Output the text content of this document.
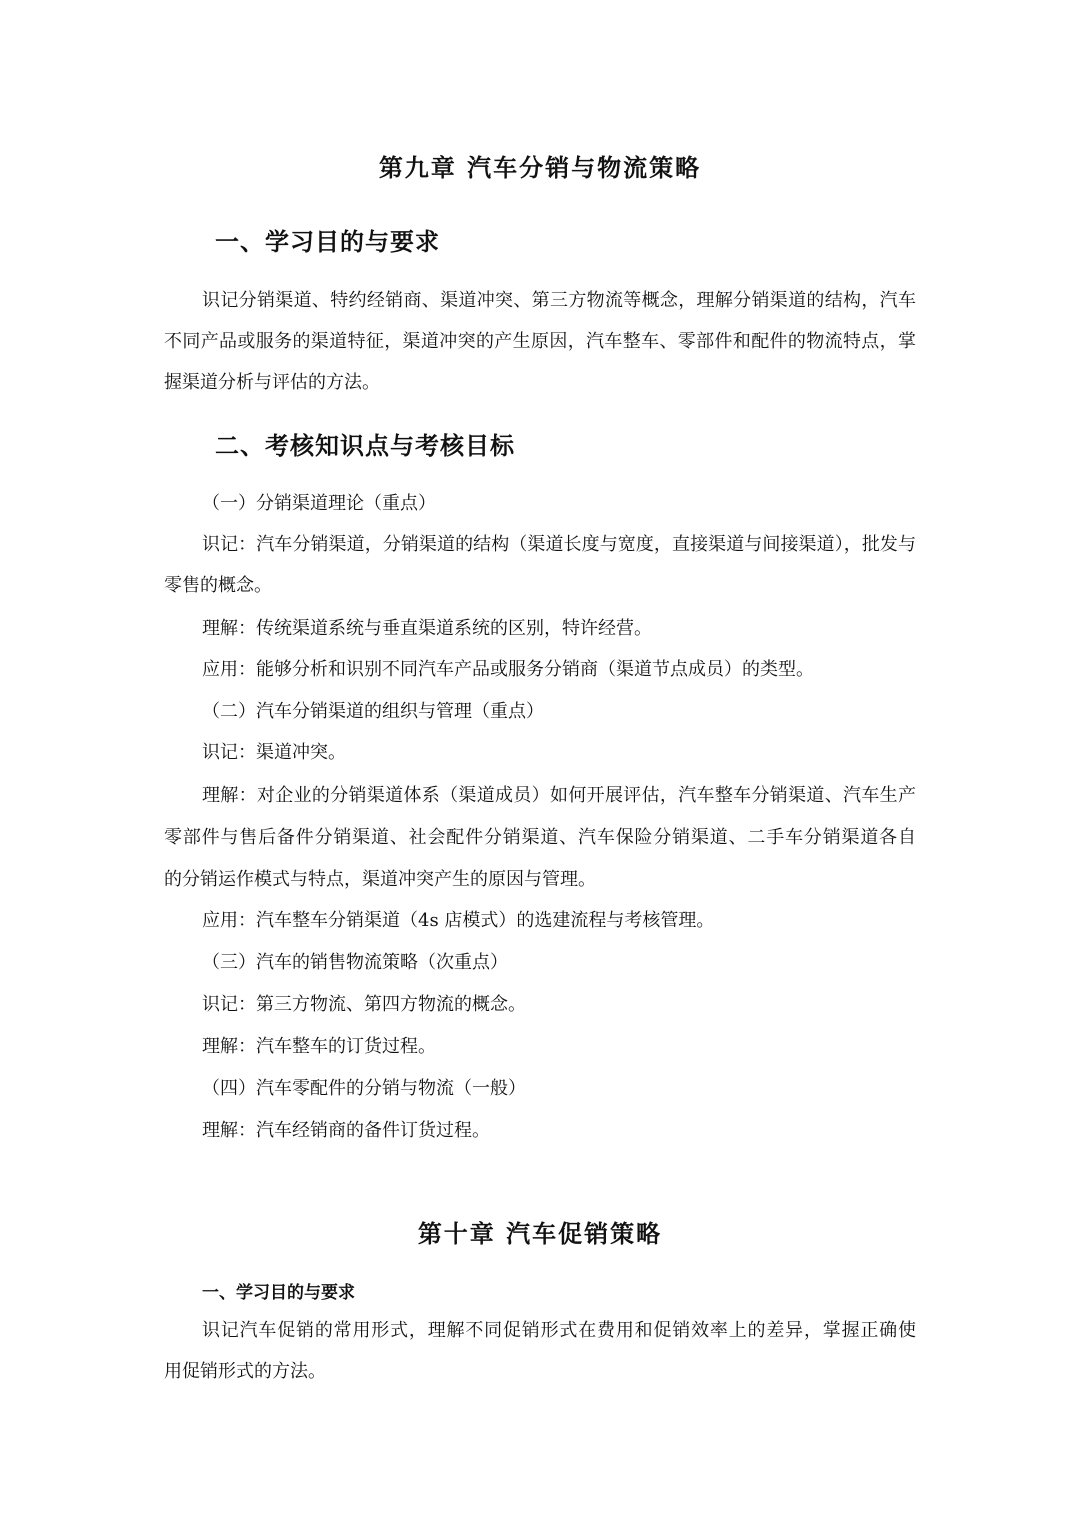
第九章 汽车分销与物流策略
一、学习目的与要求
识记分销渠道、特约经销商、渠道冲突、第三方物流等概念，理解分销渠道的结构，汽车
不同产品或服务的渠道特征，渠道冲突的产生原因，汽车整车、零部件和配件的物流特点，掌
握渠道分析与评估的方法。
二、考核知识点与考核目标
（一）分销渠道理论（重点）
识记：汽车分销渠道，分销渠道的结构（渠道长度与宽度，直接渠道与间接渠道），批发与
零售的概念。
理解：传统渠道系统与垂直渠道系统的区别，特许经营。
应用：能够分析和识别不同汽车产品或服务分销商（渠道节点成员）的类型。
（二）汽车分销渠道的组织与管理（重点）
识记：渠道冲突。
理解：对企业的分销渠道体系（渠道成员）如何开展评估，汽车整车分销渠道、汽车生产
零部件与售后备件分销渠道、社会配件分销渠道、汽车保险分销渠道、二手车分销渠道各自
的分销运作模式与特点，渠道冲突产生的原因与管理。
应用：汽车整车分销渠道（4s 店模式）的选建流程与考核管理。
（三）汽车的销售物流策略（次重点）
识记：第三方物流、第四方物流的概念。
理解：汽车整车的订货过程。
（四）汽车零配件的分销与物流（一般）
理解：汽车经销商的备件订货过程。
第十章 汽车促销策略
一、学习目的与要求
识记汽车促销的常用形式，理解不同促销形式在费用和促销效率上的差异，掌握正确使
用促销形式的方法。
